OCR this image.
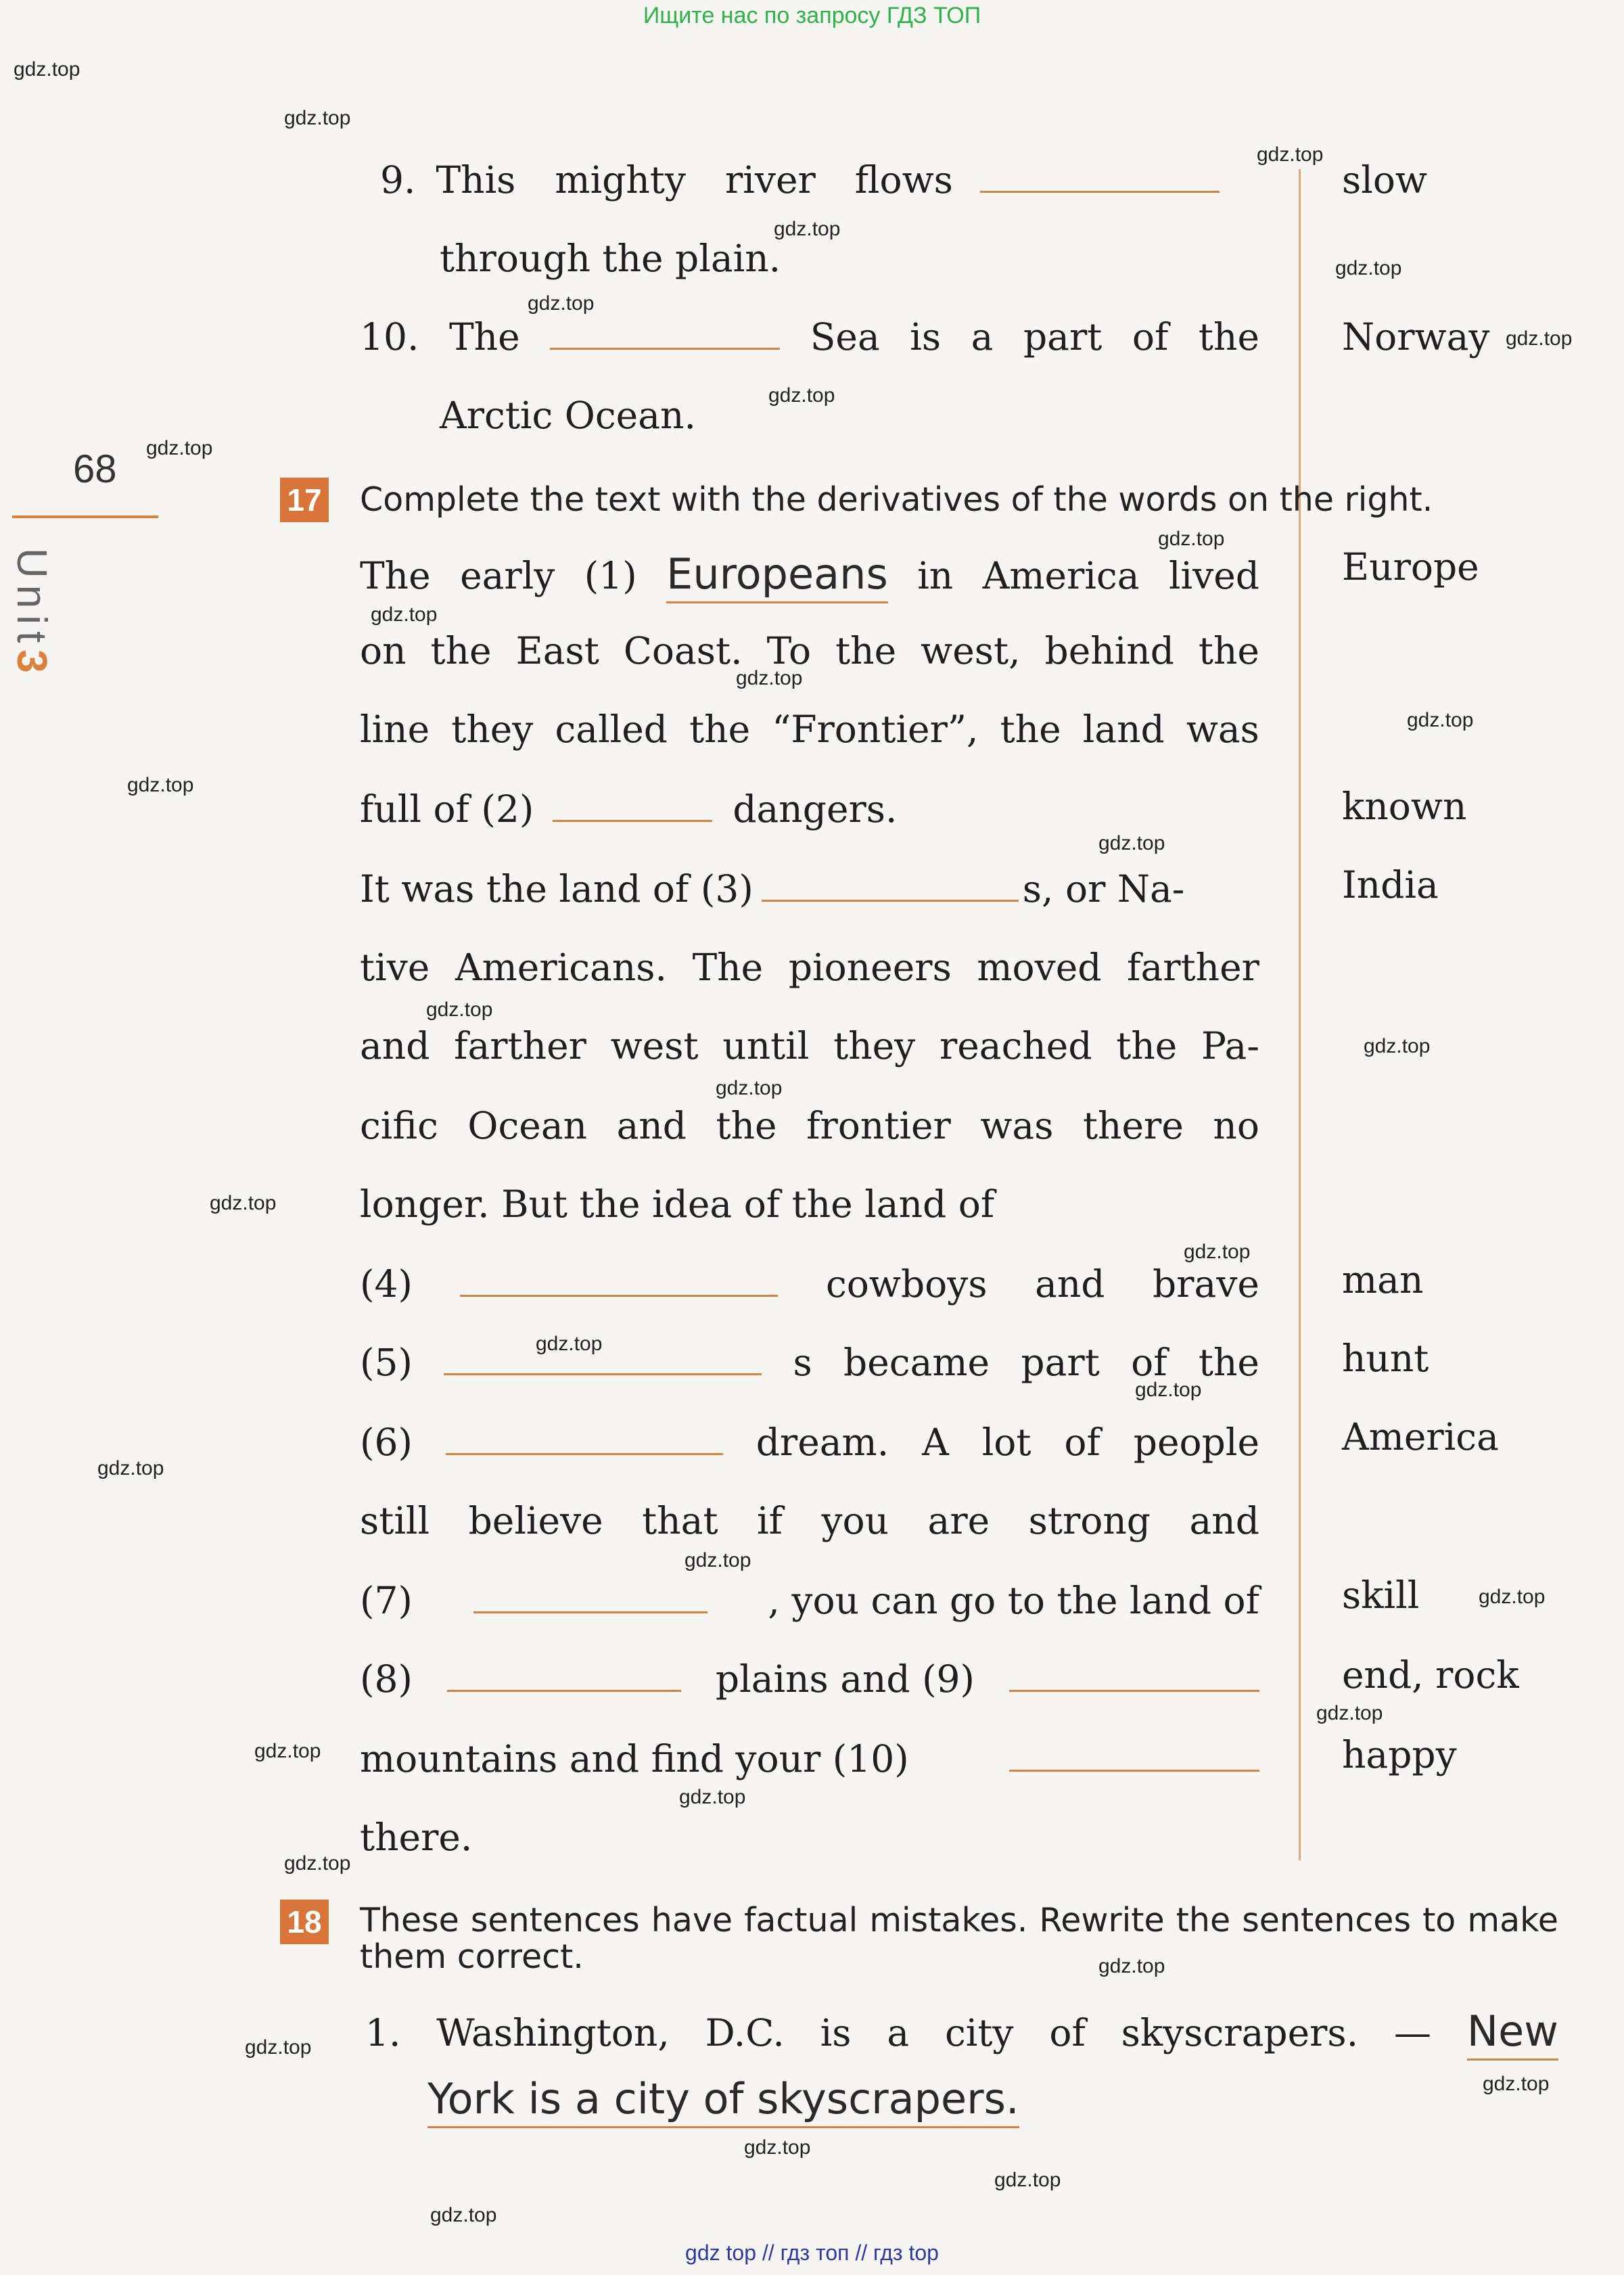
Ищите нас по запросу ГДЗ ТОП
gdz top // гдз топ // гдз top
gdz.top
gdz.top
gdz.top
gdz.top
gdz.top
gdz.top
gdz.top
gdz.top
gdz.top
gdz.top
gdz.top
gdz.top
gdz.top
gdz.top
gdz.top
gdz.top
gdz.top
gdz.top
gdz.top
gdz.top
gdz.top
gdz.top
gdz.top
gdz.top
gdz.top
gdz.top
gdz.top
gdz.top
gdz.top
gdz.top
gdz.top
gdz.top
gdz.top
gdz.top
gdz.top
68
Unit3
9. This mighty river flows
through the plain.
slow
10. The	Sea is a part of the
Arctic Ocean.
Norway
17 Complete the text with the derivatives of the words on the right.
The early (1) Europeans in America lived Europe
on the East Coast. To the west, behind the
line they called the “Frontier”, the land was
full of (2)	dangers.	known
It was the land of (3)	s, or Na-	India
tive Americans. The pioneers moved farther
and farther west until they reached the Pa-
cific Ocean and the frontier was there no
longer. But the idea of the land of
(4)	cowboys and brave man
(5)	s became part of the hunt
(6)	dream. A lot of people America
still believe that if you are strong and
(7)	, you can go to the land of skill
(8)	plains and (9)	end, rock
mountains and find your (10)	happy
there.
18 These sentences have factual mistakes. Rewrite the sentences to make
them correct.
1. Washington, D.C. is a city of skyscrapers. — New
York is a city of skyscrapers.
